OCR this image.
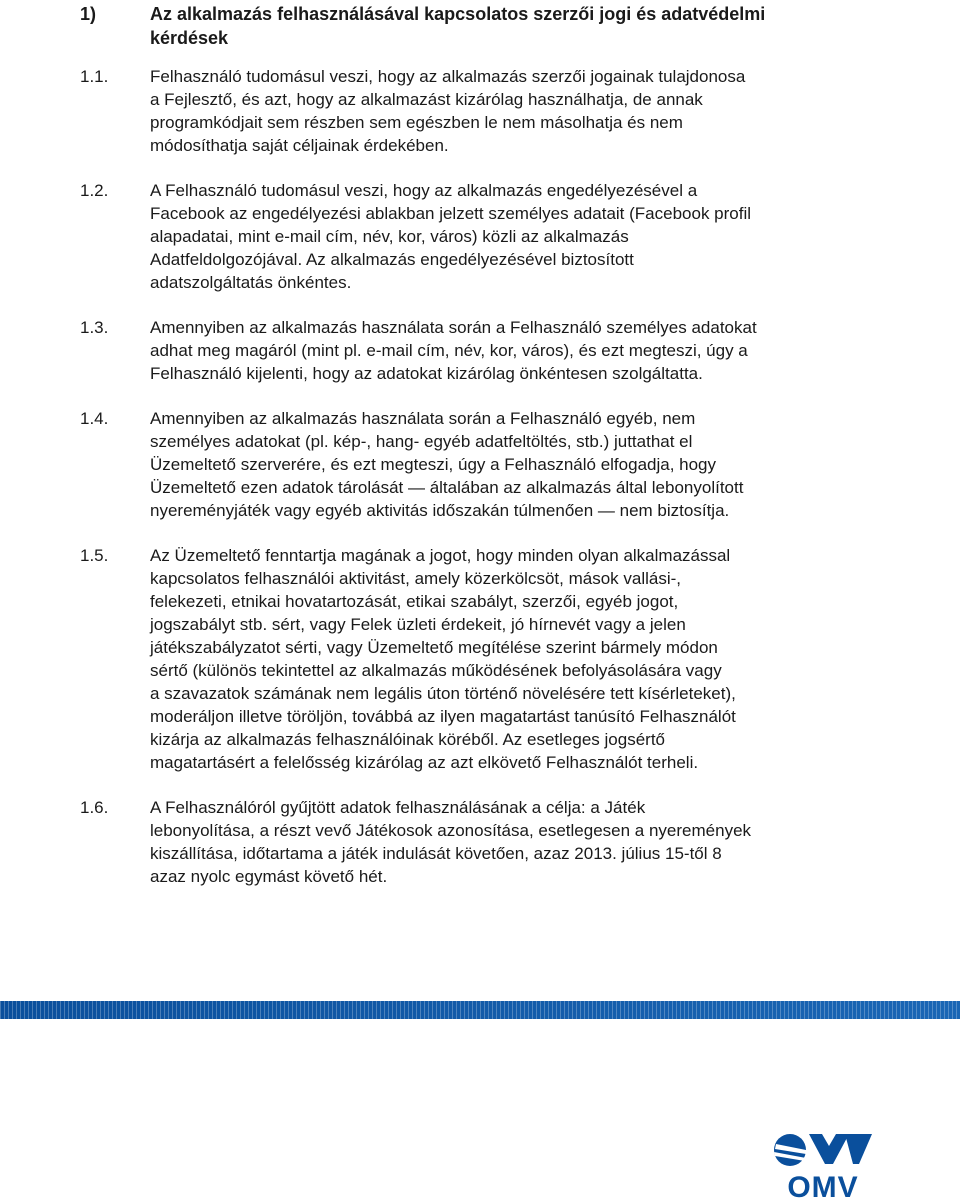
1)	Az alkalmazás felhasználásával kapcsolatos szerzői jogi és adatvédelmi
kérdések
1.1.	Felhasználó tudomásul veszi, hogy az alkalmazás szerzői jogainak tulajdonosa
a Fejlesztő, és azt, hogy az alkalmazást kizárólag használhatja, de annak
programkódjait sem részben sem egészben le nem másolhatja és nem
módosíthatja saját céljainak érdekében.
1.2.	A Felhasználó tudomásul veszi, hogy az alkalmazás engedélyezésével a
Facebook az engedélyezési ablakban jelzett személyes adatait (Facebook profil
alapadatai, mint e-mail cím, név, kor, város) közli az alkalmazás
Adatfeldolgozójával. Az alkalmazás engedélyezésével biztosított
adatszolgáltatás önkéntes.
1.3.	Amennyiben az alkalmazás használata során a Felhasználó személyes adatokat
adhat meg magáról (mint pl. e-mail cím, név, kor, város), és ezt megteszi, úgy a
Felhasználó kijelenti, hogy az adatokat kizárólag önkéntesen szolgáltatta.
1.4.	Amennyiben az alkalmazás használata során a Felhasználó egyéb, nem
személyes adatokat (pl. kép-, hang- egyéb adatfeltöltés, stb.) juttathat el
Üzemeltető szerverére, és ezt megteszi, úgy a Felhasználó elfogadja, hogy
Üzemeltető ezen adatok tárolását — általában az alkalmazás által lebonyolított
nyereményjáték vagy egyéb aktivitás időszakán túlmenően — nem biztosítja.
1.5.	Az Üzemeltető fenntartja magának a jogot, hogy minden olyan alkalmazással
kapcsolatos felhasználói aktivitást, amely közerkölcsöt, mások vallási-,
felekezeti, etnikai hovatartozását, etikai szabályt, szerzői, egyéb jogot,
jogszabályt stb. sért, vagy Felek üzleti érdekeit, jó hírnevét vagy a jelen
játékszabályzatot sérti, vagy Üzemeltető megítélése szerint bármely módon
sértő (különös tekintettel az alkalmazás működésének befolyásolására vagy
a szavazatok számának nem legális úton történő növelésére tett kísérleteket),
moderáljon illetve töröljön, továbbá az ilyen magatartást tanúsító Felhasználót
kizárja az alkalmazás felhasználóinak köréből. Az esetleges jogsértő
magatartásért a felelősség kizárólag az azt elkövető Felhasználót terheli.
1.6.	A Felhasználóról gyűjtött adatok felhasználásának a célja: a Játék
lebonyolítása, a részt vevő Játékosok azonosítása, esetlegesen a nyeremények
kiszállítása, időtartama a játék indulását követően, azaz 2013. július 15-től 8
azaz nyolc egymást követő hét.
OMV
